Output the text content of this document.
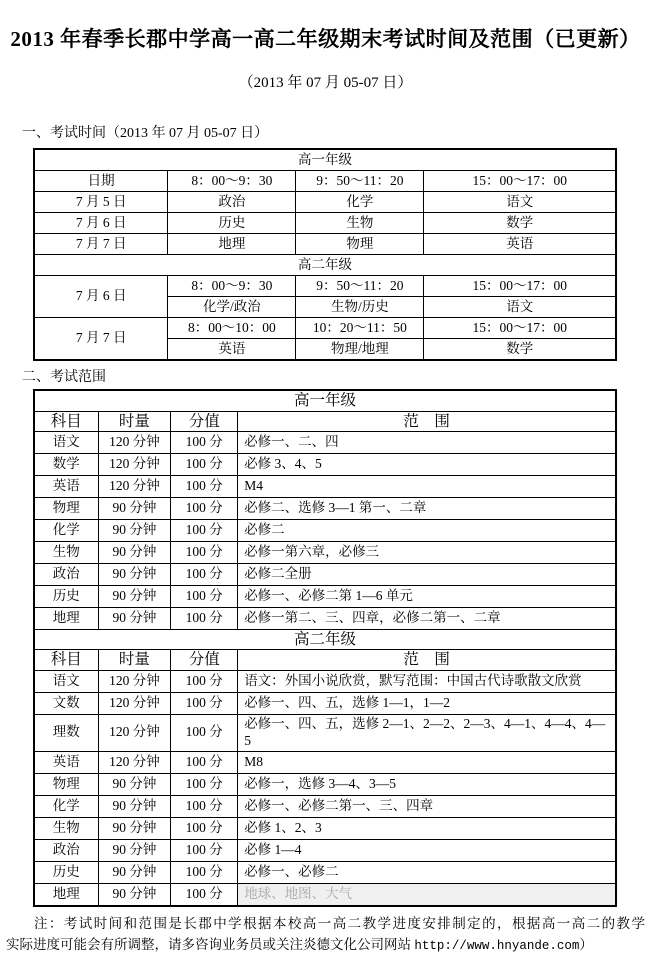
2013 年春季长郡中学高一高二年级期末考试时间及范围（已更新）
（2013 年 07 月 05-07 日）
一、考试时间（2013 年 07 月 05-07 日）
高一年级			
日期	8：00～9：30	9：50～11：20	15：00～17：00
7 月 5 日	政治	化学	语文
7 月 6 日	历史	生物	数学
7 月 7 日	地理	物理	英语
高二年级			
7 月 6 日	8：00～9：30	9：50～11：20	15：00～17：00
	化学/政治	生物/历史	语文
7 月 7 日	8：00～10：00	10：20～11：50	15：00～17：00
	英语	物理/地理	数学
二、考试范围
高一年级			
科目	时量	分值	范　围
语文	120 分钟	100 分	必修一、二、四
数学	120 分钟	100 分	必修 3、4、5
英语	120 分钟	100 分	M4
物理	90 分钟	100 分	必修二、选修 3—1 第一、二章
化学	90 分钟	100 分	必修二
生物	90 分钟	100 分	必修一第六章，必修三
政治	90 分钟	100 分	必修二全册
历史	90 分钟	100 分	必修一、必修二第 1—6 单元
地理	90 分钟	100 分	必修一第二、三、四章，必修二第一、二章
高二年级			
科目	时量	分值	范　围
语文	120 分钟	100 分	语文：外国小说欣赏，默写范围：中国古代诗歌散文欣赏
文数	120 分钟	100 分	必修一、四、五，选修 1—1，1—2
理数	120 分钟	100 分	必修一、四、五，选修 2—1、2—2、2—3、4—1、4—4、4—5
英语	120 分钟	100 分	M8
物理	90 分钟	100 分	必修一，选修 3—4、3—5
化学	90 分钟	100 分	必修一、必修二第一、三、四章
生物	90 分钟	100 分	必修 1、2、3
政治	90 分钟	100 分	必修 1—4
历史	90 分钟	100 分	必修一、必修二
地理	90 分钟	100 分	地球、地图、大气
注：考试时间和范围是长郡中学根据本校高一高二教学进度安排制定的，根据高一高二的教学
实际进度可能会有所调整，请多咨询业务员或关注炎德文化公司网站 http://www.hnyande.com）
